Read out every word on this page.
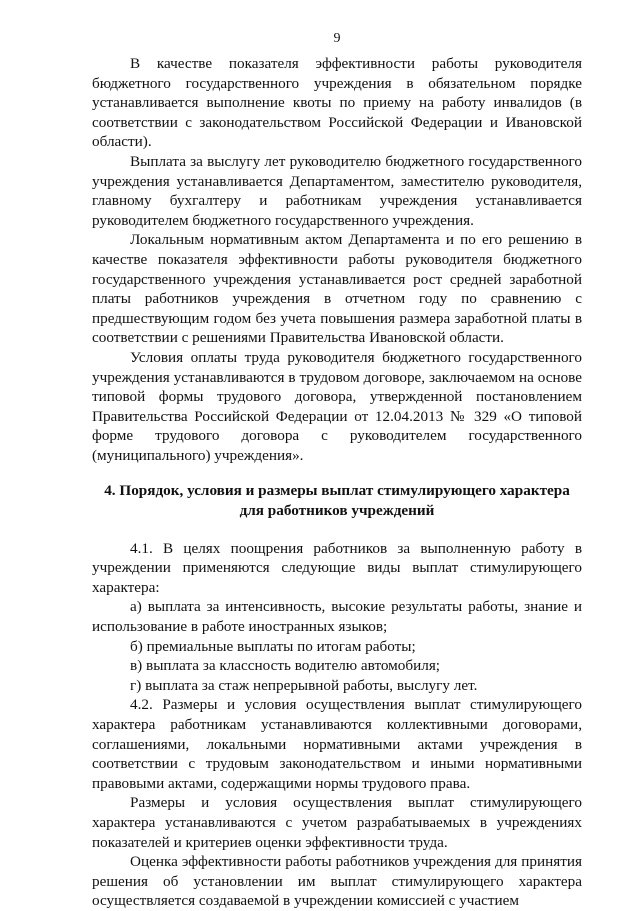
9

В качестве показателя эффективности работы руководителя бюджетного государственного учреждения в обязательном порядке устанавливается выполнение квоты по приему на работу инвалидов (в соответствии с законодательством Российской Федерации и Ивановской области).

Выплата за выслугу лет руководителю бюджетного государственного учреждения устанавливается Департаментом, заместителю руководителя, главному бухгалтеру и работникам учреждения устанавливается руководителем бюджетного государственного учреждения.

Локальным нормативным актом Департамента и по его решению в качестве показателя эффективности работы руководителя бюджетного государственного учреждения устанавливается рост средней заработной платы работников учреждения в отчетном году по сравнению с предшествующим годом без учета повышения размера заработной платы в соответствии с решениями Правительства Ивановской области.

Условия оплаты труда руководителя бюджетного государственного учреждения устанавливаются в трудовом договоре, заключаемом на основе типовой формы трудового договора, утвержденной постановлением Правительства Российской Федерации от 12.04.2013 № 329 «О типовой форме трудового договора с руководителем государственного (муниципального) учреждения».

4. Порядок, условия и размеры выплат стимулирующего характера
для работников учреждений

4.1. В целях поощрения работников за выполненную работу в учреждении применяются следующие виды выплат стимулирующего характера:

а) выплата за интенсивность, высокие результаты работы, знание и использование в работе иностранных языков;

б) премиальные выплаты по итогам работы;

в) выплата за классность водителю автомобиля;

г) выплата за стаж непрерывной работы, выслугу лет.

4.2. Размеры и условия осуществления выплат стимулирующего характера работникам устанавливаются коллективными договорами, соглашениями, локальными нормативными актами учреждения в соответствии с трудовым законодательством и иными нормативными правовыми актами, содержащими нормы трудового права.

Размеры и условия осуществления выплат стимулирующего характера устанавливаются с учетом разрабатываемых в учреждениях показателей и критериев оценки эффективности труда.

Оценка эффективности работы работников учреждения для принятия решения об установлении им выплат стимулирующего характера осуществляется создаваемой в учреждении комиссией с участием
